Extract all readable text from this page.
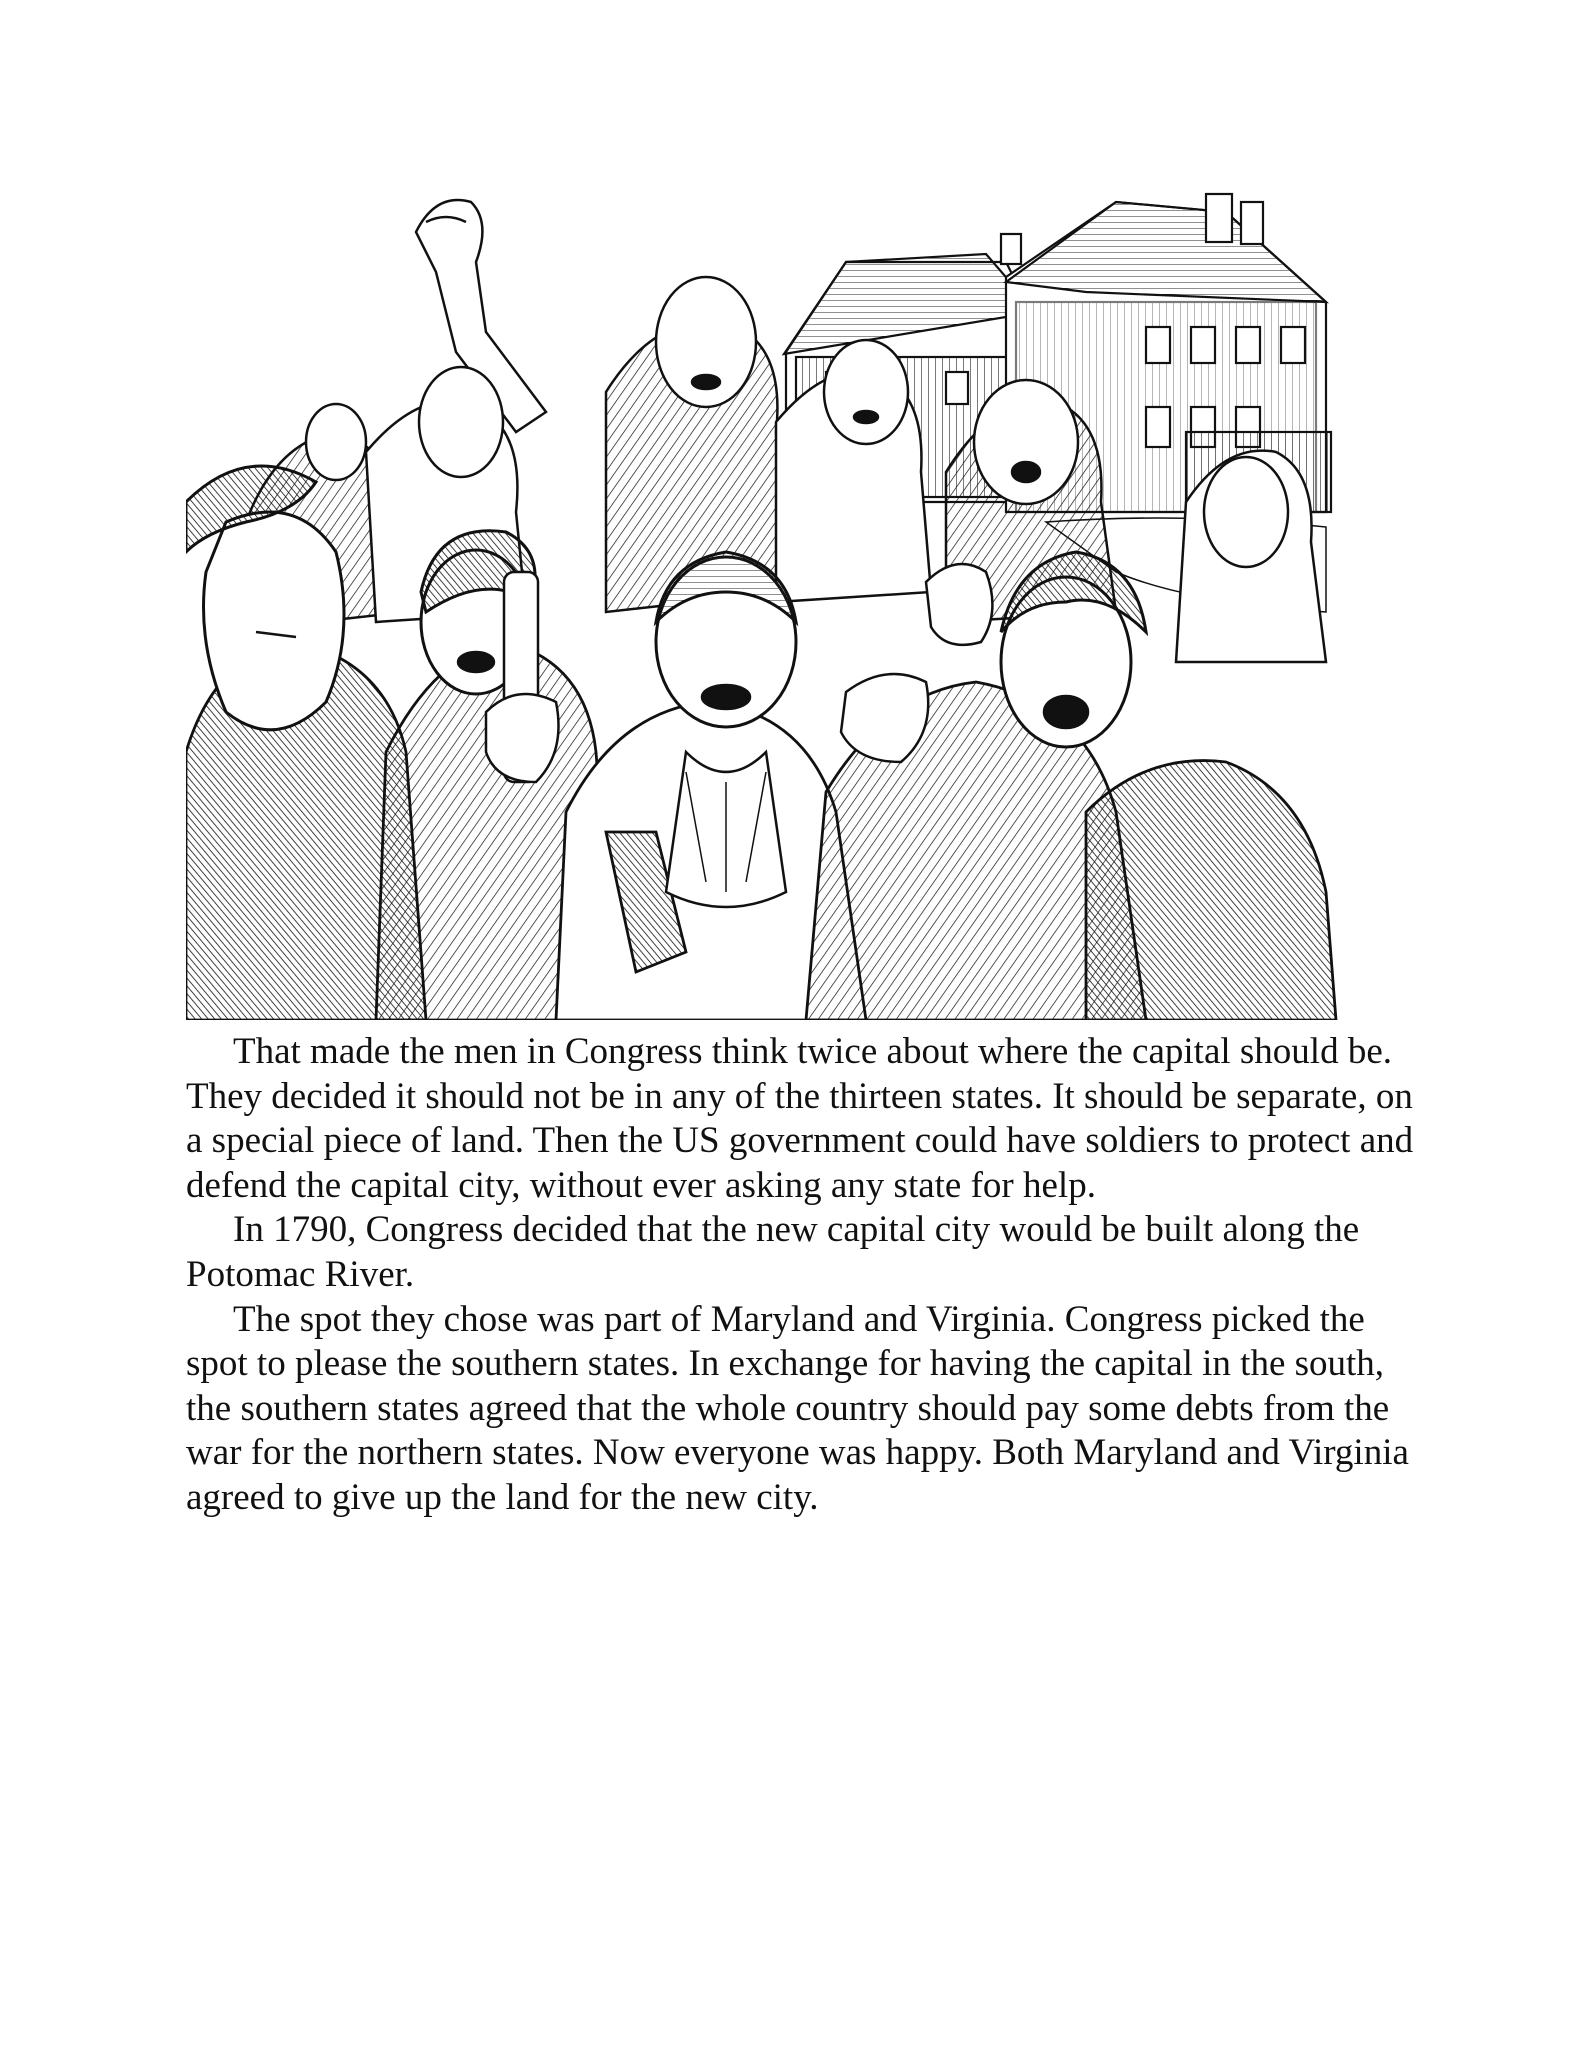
That made the men in Congress think twice about where the capital should be. They decided it should not be in any of the thirteen states. It should be separate, on a special piece of land. Then the US government could have soldiers to protect and defend the capital city, without ever asking any state for help.

In 1790, Congress decided that the new capital city would be built along the Potomac River.

The spot they chose was part of Maryland and Virginia. Congress picked the spot to please the southern states. In exchange for having the capital in the south, the southern states agreed that the whole country should pay some debts from the war for the northern states. Now everyone was happy. Both Maryland and Virginia agreed to give up the land for the new city.
